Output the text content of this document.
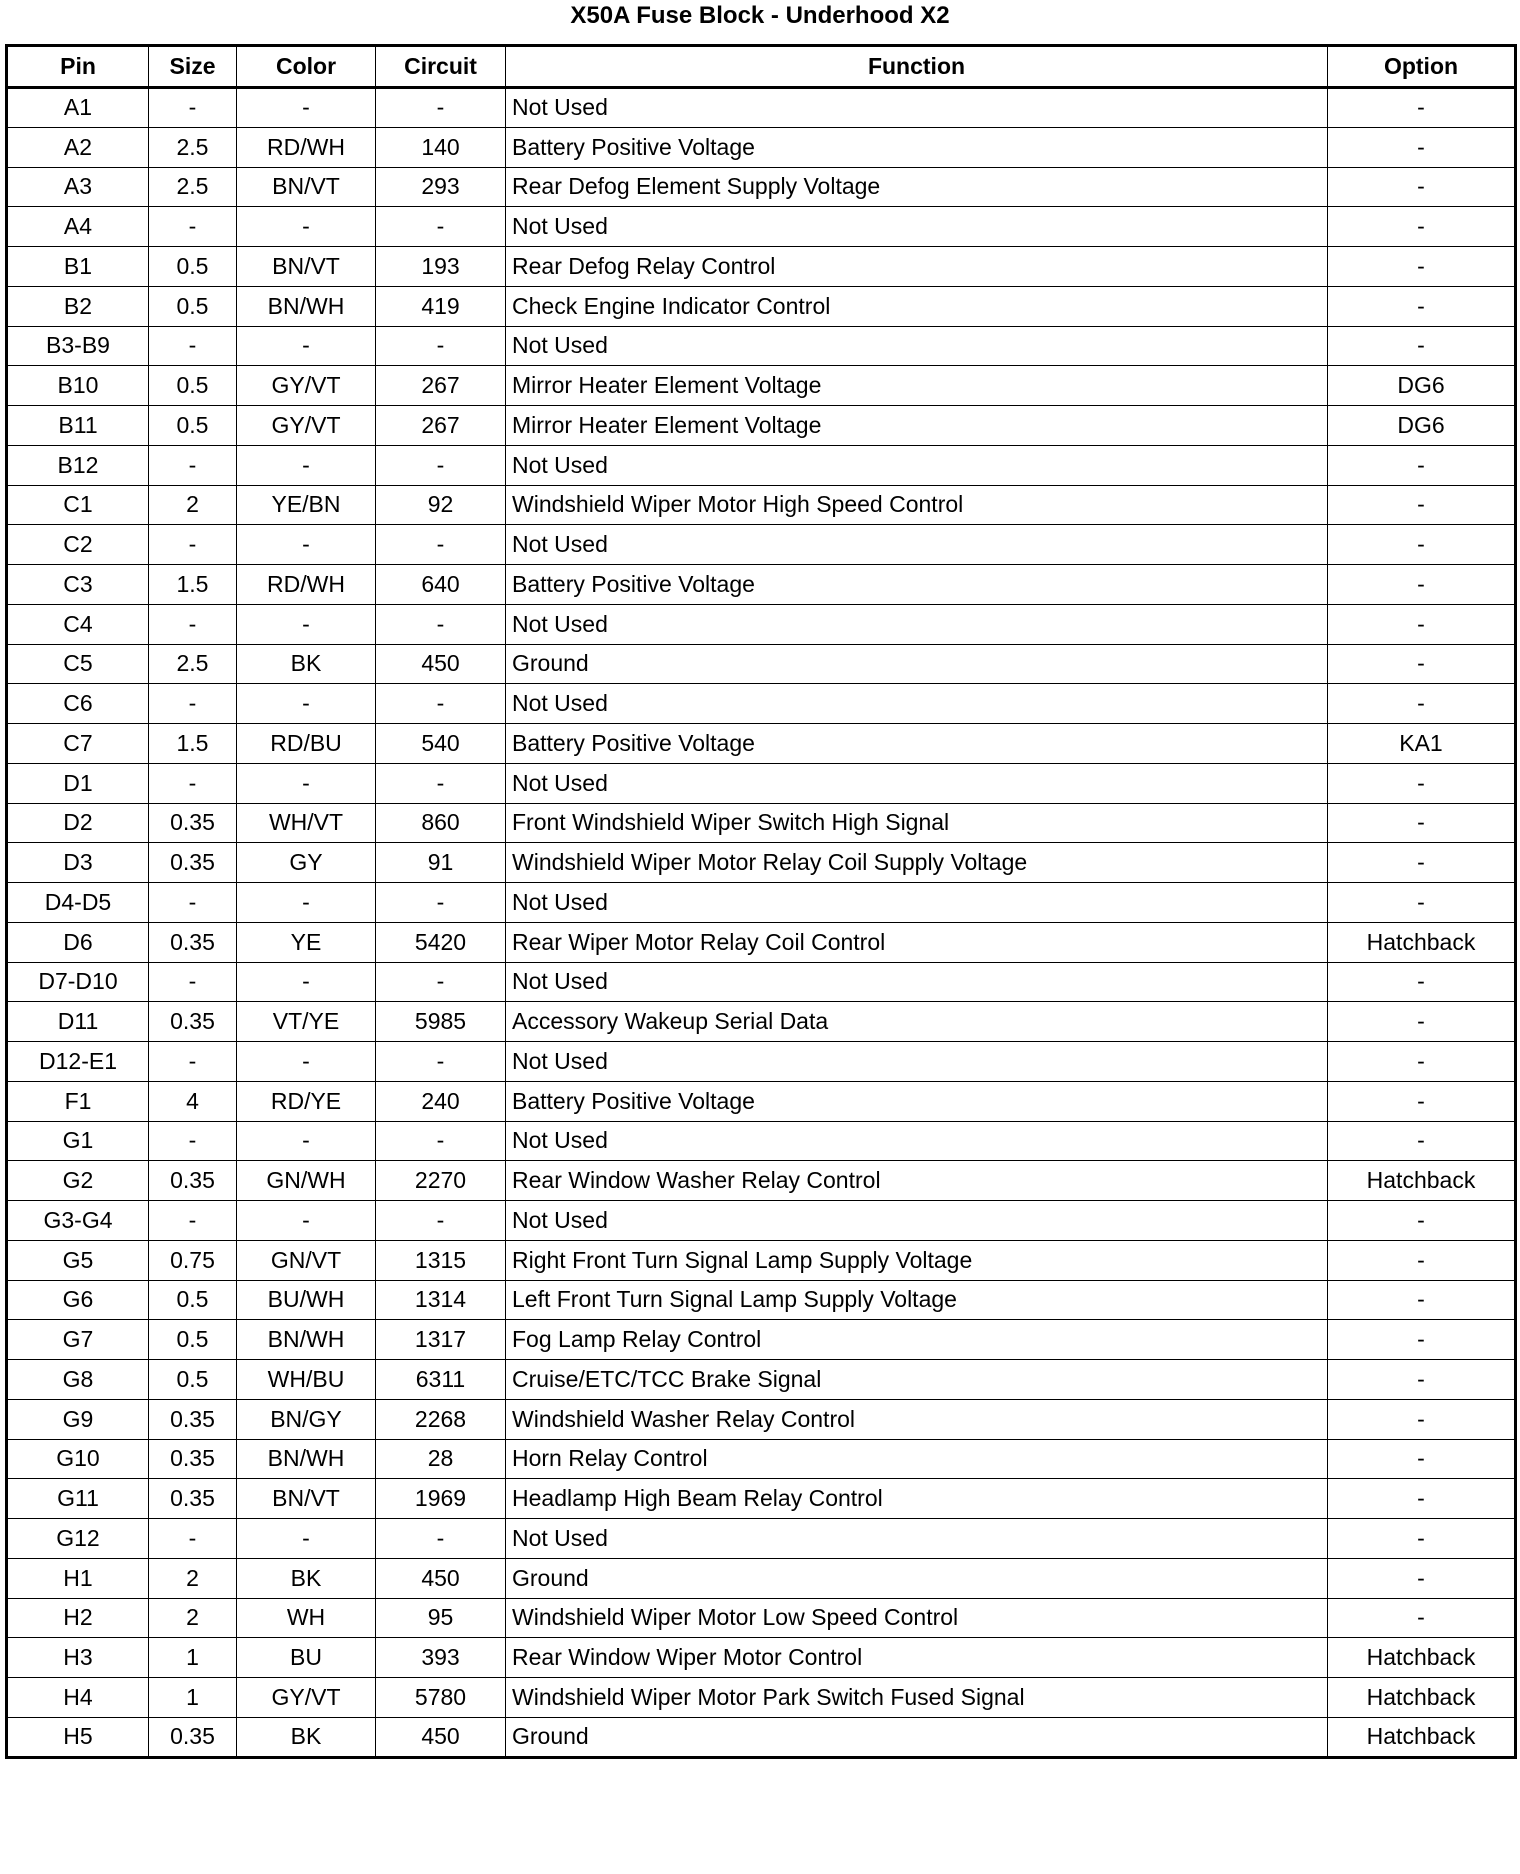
X50A Fuse Block - Underhood X2
Pin	Size	Color	Circuit	Function	Option
A1	-	-	-	Not Used	-
A2	2.5	RD/WH	140	Battery Positive Voltage	-
A3	2.5	BN/VT	293	Rear Defog Element Supply Voltage	-
A4	-	-	-	Not Used	-
B1	0.5	BN/VT	193	Rear Defog Relay Control	-
B2	0.5	BN/WH	419	Check Engine Indicator Control	-
B3-B9	-	-	-	Not Used	-
B10	0.5	GY/VT	267	Mirror Heater Element Voltage	DG6
B11	0.5	GY/VT	267	Mirror Heater Element Voltage	DG6
B12	-	-	-	Not Used	-
C1	2	YE/BN	92	Windshield Wiper Motor High Speed Control	-
C2	-	-	-	Not Used	-
C3	1.5	RD/WH	640	Battery Positive Voltage	-
C4	-	-	-	Not Used	-
C5	2.5	BK	450	Ground	-
C6	-	-	-	Not Used	-
C7	1.5	RD/BU	540	Battery Positive Voltage	KA1
D1	-	-	-	Not Used	-
D2	0.35	WH/VT	860	Front Windshield Wiper Switch High Signal	-
D3	0.35	GY	91	Windshield Wiper Motor Relay Coil Supply Voltage	-
D4-D5	-	-	-	Not Used	-
D6	0.35	YE	5420	Rear Wiper Motor Relay Coil Control	Hatchback
D7-D10	-	-	-	Not Used	-
D11	0.35	VT/YE	5985	Accessory Wakeup Serial Data	-
D12-E1	-	-	-	Not Used	-
F1	4	RD/YE	240	Battery Positive Voltage	-
G1	-	-	-	Not Used	-
G2	0.35	GN/WH	2270	Rear Window Washer Relay Control	Hatchback
G3-G4	-	-	-	Not Used	-
G5	0.75	GN/VT	1315	Right Front Turn Signal Lamp Supply Voltage	-
G6	0.5	BU/WH	1314	Left Front Turn Signal Lamp Supply Voltage	-
G7	0.5	BN/WH	1317	Fog Lamp Relay Control	-
G8	0.5	WH/BU	6311	Cruise/ETC/TCC Brake Signal	-
G9	0.35	BN/GY	2268	Windshield Washer Relay Control	-
G10	0.35	BN/WH	28	Horn Relay Control	-
G11	0.35	BN/VT	1969	Headlamp High Beam Relay Control	-
G12	-	-	-	Not Used	-
H1	2	BK	450	Ground	-
H2	2	WH	95	Windshield Wiper Motor Low Speed Control	-
H3	1	BU	393	Rear Window Wiper Motor Control	Hatchback
H4	1	GY/VT	5780	Windshield Wiper Motor Park Switch Fused Signal	Hatchback
H5	0.35	BK	450	Ground	Hatchback
